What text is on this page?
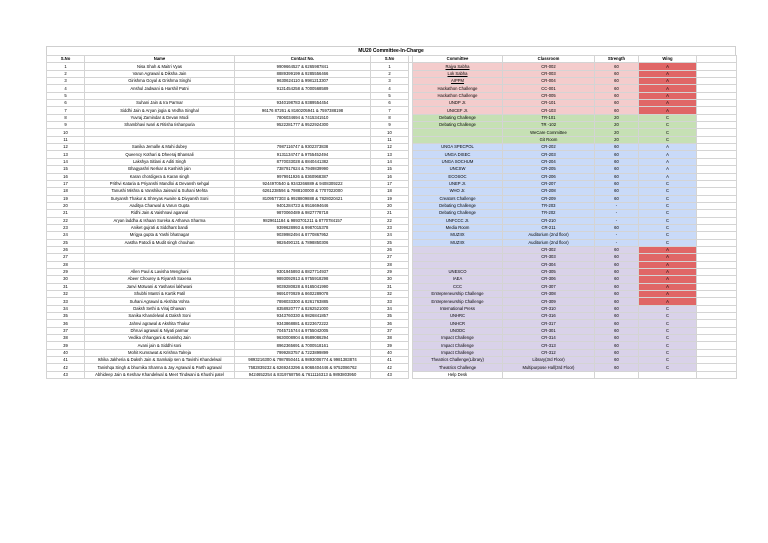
MU20 Committee-In-Charge
S.No	Name	Contact No.	S.No		Committee	Classroom	Strength	Wing	
1	Nisa Shah & Maitri Vyas	9909664527 & 6265987841	1		Rajya Sabha	CR-002	60	A	
2	Varun Agrawal & Diksha Jain	8889399199 & 9285556466	2		Lok Sabha	CR-003	60	A	
3	Girishma Goyal & Grishma Singhi	9630624110 & 9981213307	3		AIPPM	CR-004	60	A	
4	Anshul Jadwani & Harshil Patni	9131454258 & 7000568589	4		Hackathon Challenge	CC-001	60	A	
5			5		Hackathon Challenge	CR-005	60	A	
6	Suhani Jain & Ira Parmar	9340198783 & 9389554454	6		UNDP Jr.	CR-101	60	A	
7	Siddhi Jain & Aryan jogia & Vedha Singhal	96176 87261 & 8160205941 & 7597388198	7		UNICEF Jr.	CR-103	60	A	
8	Yuvraj Zamindar & Devan Modi	7806034694 & 7415341510	8		Debating Challenge	TR-101	20	C	
9	Shambhavi Iwari & Ritisha Iishanpuria	9522281777 & 9522924300	9		Debating Challenge	TR -102	20	C	
10			10			WeCare Committee	20	C	
11			11			Git Room	20	C	
12	Sanika Jemalle & Mahi dubey	7987116747 & 9302373838	12		UNGA SPECPOL	CR-202	60	A	
13	Queency Kothari & Dheeraj Bhansali	9131134747 & 9755452494	13		UNGA DISEC	CR-203	60	A	
14	Lakshya Sitlani & Aditi Singh	8770033028 & 8840441382	14		UNGA SOCHUM	CR-204	60	A	
15	Bhagyashri Nerkar & Kashish jain	7387917624 & 7949839990	15		UNCSW	CR-205	60	A	
16	Karan chordigera & Karan singh	9979911926 & 8360968387	16		ECOSOC	CR-206	60	A	
17	Prithvi Kataria & Priyanshi Mandloi & Devansh sehgal	9244970540 & 9343266889 & 9408309222	17		UNEP Jr.	CR-207	60	C	
18	Tanushi Mishra & Vanshika Jaiswal & Suhani Mehta	6261238594 & 7988100000 & 7707022000	18		WHO Jr.	CR-208	60	C	
19	Suryansh Thakur & Shreyas Awaire & Divyansh Soni	8109577303 & 9928809888 & 7828020421	19		Creators Challenge	CR-209	60	C	
20	Aaditya Chanwal & Varun Gupta	9401284723 & 9516694646	20		Debating Challenge	TR-203	-	C	
21	Ridhi Jain & Vaishnavi agarwal	9870060489 & 9827778718	21		Debating Challenge	TR-202	-	C	
22	Aryan laddha & Ishaan Sureka & Atharva Sharma	9829611184 & 9893701211 & 8770784157	22		UNFCCC Jr.	CR-210	-	C	
23	Aniket gujrati & Siddhant bandi	9399628993 & 9987015378	23		Media Room	CR-211	60	C	
24	Mrigya gupta & Yashi bhatnagar	9039982494 & 8770867952	24		MUZIIX	Auditorium (2nd floor)	-	C	
25	Aastha Patodi & Mudit singh chouhan	9826490131 & 7898850306	25		MUZIIX	Auditorium (2nd floor)	-	C	
26			26			CR-302	60	A	
27			27			CR-303	60	A	
28			28			CR-304	60	A	
29	Allen Paul & Lavisha Menghani	9301945893 & 8827714937	29		UNESCO	CR-305	60	A	
30	Abeer Chourey & Riyansh Saxena	9893092913 & 9755918298	30		IAEA	CR-306	60	A	
31	Janvi Motwani & Yashasvi lakhwani	9039280828 & 9165041990	31		CCC	CR-307	60	A	
32	Shubhi Mantri & Kartik Patil	9691070929 & 8602289078	32		Entrepreneurship Challenge	CR-308	60	A	
33	Suhani Agrawal & Akshita Vohra	7898033300 & 8261763885	33		Entrepreneurship Challenge	CR-309	60	A	
34	Daksh Sethi & Viraj Dhawan	8358920777 & 8262521000	34		International Press	CR-310	60	C	
35	Sanika Khandelwal & Daksh Soni	9343760330 & 9826841857	35		UNHRC	CR-316	60	C	
36	Jahnvi agrawal & Akshita Thakur	9343868881 & 8223672222	36		UNHCR	CR-317	60	C	
37	Dhruvi agrawal & Niyati parmar	7045715744 & 9755042005	37		UNODC	CR-301	60	C	
38	Vedika chhangani & Kanishq Jain	9630008904 & 9589086294	38		Impact Challenge	CR-314	60	C	
39	Avani jain & Siddhi soni	8962365691 & 7000518161	39		Impact Challenge	CR-313	60	C	
40	Mohit Kumrawat & Krishna Talreja	7999283757 & 7223899899	40		Impact Challenge	CR-312	60	C	
41	Ishika Jakheria & Daksh Jain & Samkalp sen & Tavishi Khandelwal	9893216300 & 7987850441 & 9893006774 & 9981383874	41		Theatrics Challenge(Library)	Library(3rd Floor)	60	C	
42	Tanishqa Singh & bhumika Sharma & Jay Agrawal & Parth agrawal	7582839232 & 6269243296 & 9068404446 & 9752086762	42		Theatrics Challenge	Multipurpose Hall(3rd Floor)	60	C	
43	Abhideep Jain & Keshav Khandelwal & Meet Tindwani & Khushi patel	9424652254 & 8319768756 & 7611116313 & 9893803950	43		Help Desk				
